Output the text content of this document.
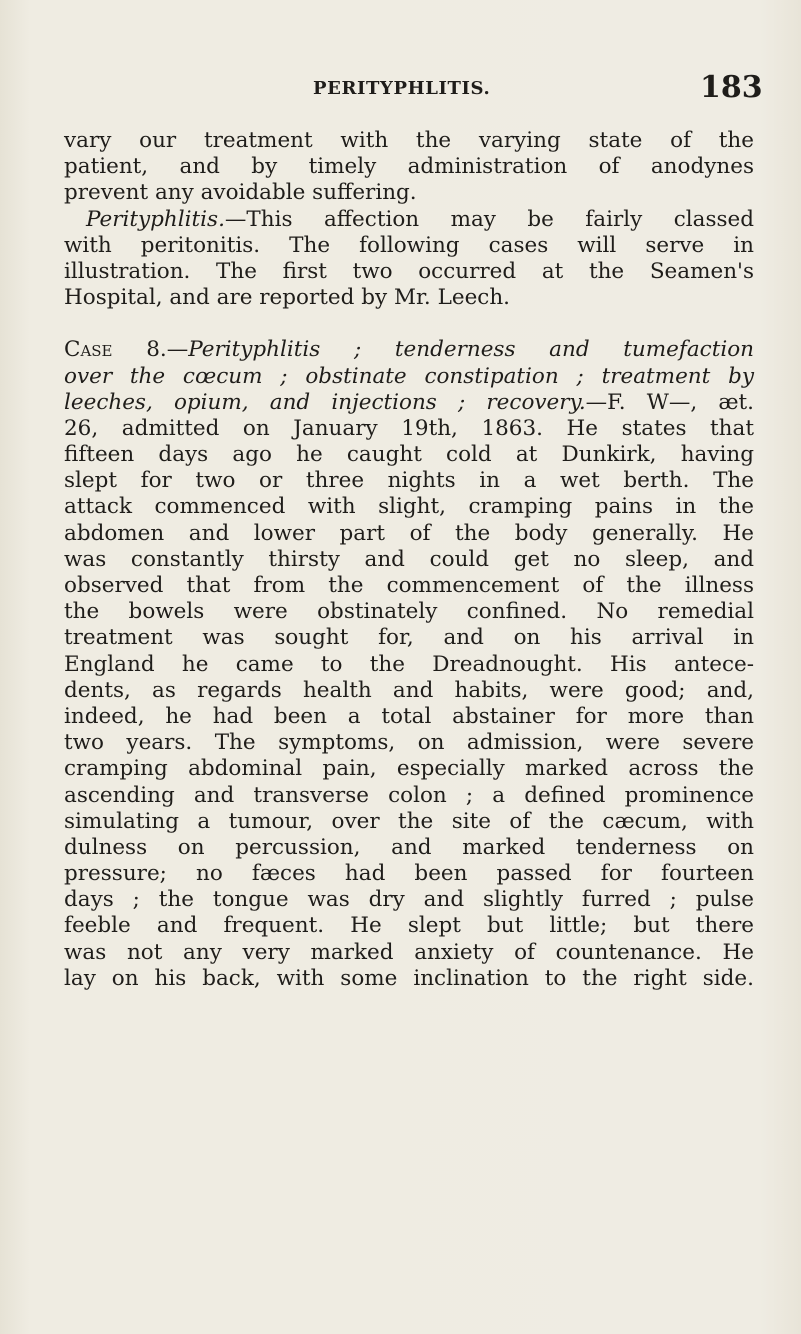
PERITYPHLITIS.	183
vary our treatment with the varying state of the
patient, and by timely administration of anodynes
prevent any avoidable suffering.
Perityphlitis.—This affection may be fairly classed
with peritonitis. The following cases will serve in
illustration. The first two occurred at the Seamen's
Hospital, and are reported by Mr. Leech.
Case 8.—Perityphlitis ; tenderness and tumefaction
over the cœcum ; obstinate constipation ; treatment by
leeches, opium, and injections ; recovery.—F. W—, æt.
26, admitted on January 19th, 1863. He states that
fifteen days ago he caught cold at Dunkirk, having
slept for two or three nights in a wet berth. The
attack commenced with slight, cramping pains in the
abdomen and lower part of the body generally. He
was constantly thirsty and could get no sleep, and
observed that from the commencement of the illness
the bowels were obstinately confined. No remedial
treatment was sought for, and on his arrival in
England he came to the Dreadnought. His antece-
dents, as regards health and habits, were good; and,
indeed, he had been a total abstainer for more than
two years. The symptoms, on admission, were severe
cramping abdominal pain, especially marked across the
ascending and transverse colon ; a defined prominence
simulating a tumour, over the site of the cæcum, with
dulness on percussion, and marked tenderness on
pressure; no fæces had been passed for fourteen
days ; the tongue was dry and slightly furred ; pulse
feeble and frequent. He slept but little; but there
was not any very marked anxiety of countenance. He
lay on his back, with some inclination to the right side.
